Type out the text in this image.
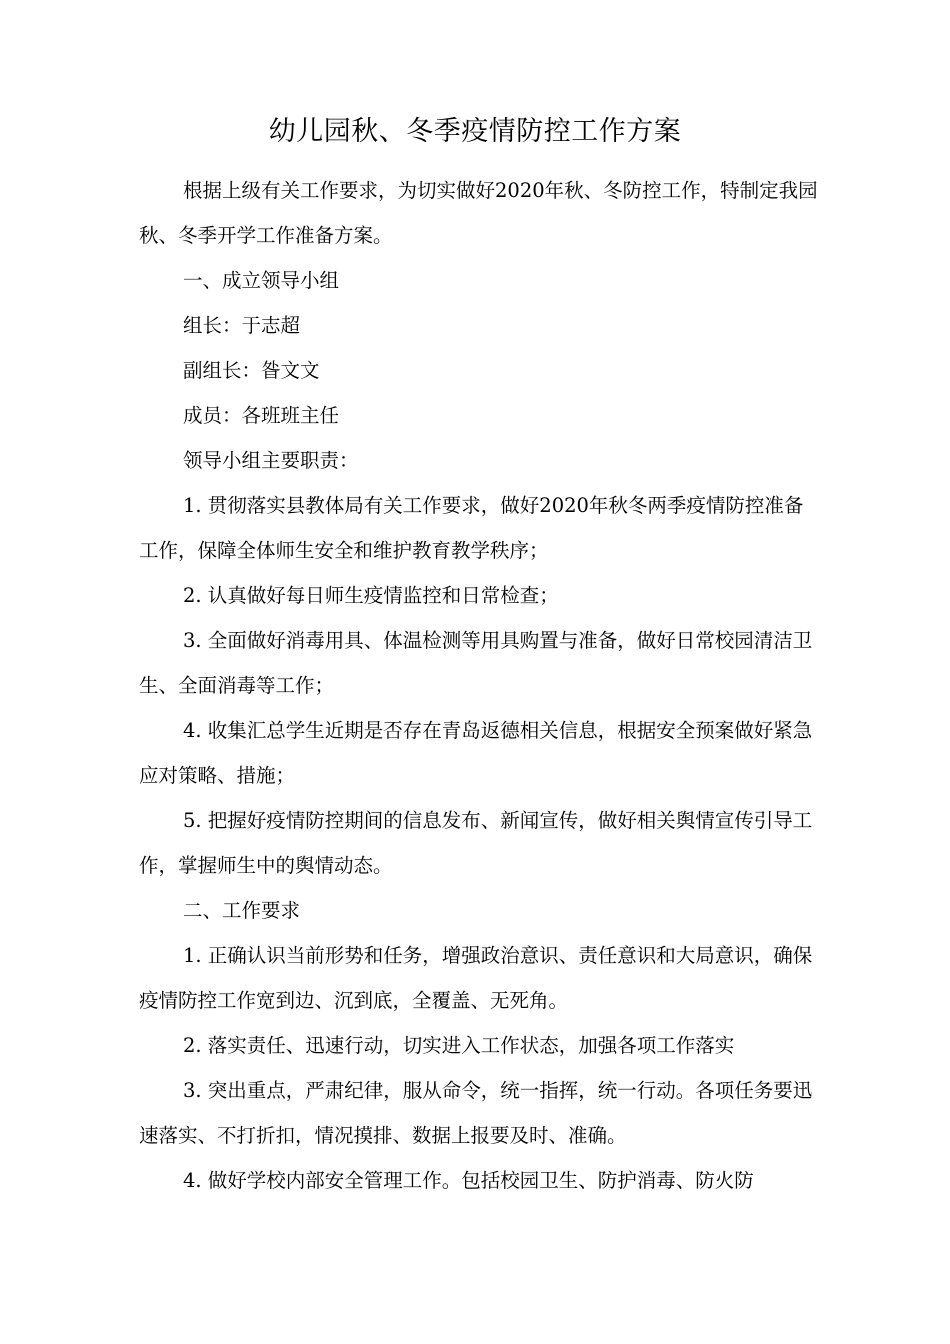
幼儿园秋、冬季疫情防控工作方案

根据上级有关工作要求，为切实做好2020年秋、冬防控工作，特制定我园秋、冬季开学工作准备方案。

一、成立领导小组

组长：于志超

副组长：昝文文

成员：各班班主任

领导小组主要职责：

1. 贯彻落实县教体局有关工作要求，做好2020年秋冬两季疫情防控准备工作，保障全体师生安全和维护教育教学秩序；

2. 认真做好每日师生疫情监控和日常检查；

3. 全面做好消毒用具、体温检测等用具购置与准备，做好日常校园清洁卫生、全面消毒等工作；

4. 收集汇总学生近期是否存在青岛返德相关信息，根据安全预案做好紧急应对策略、措施；

5. 把握好疫情防控期间的信息发布、新闻宣传，做好相关舆情宣传引导工作，掌握师生中的舆情动态。

二、工作要求

1. 正确认识当前形势和任务，增强政治意识、责任意识和大局意识，确保疫情防控工作宽到边、沉到底，全覆盖、无死角。

2. 落实责任、迅速行动，切实进入工作状态，加强各项工作落实

3. 突出重点，严肃纪律，服从命令，统一指挥，统一行动。各项任务要迅速落实、不打折扣，情况摸排、数据上报要及时、准确。

4. 做好学校内部安全管理工作。包括校园卫生、防护消毒、防火防
